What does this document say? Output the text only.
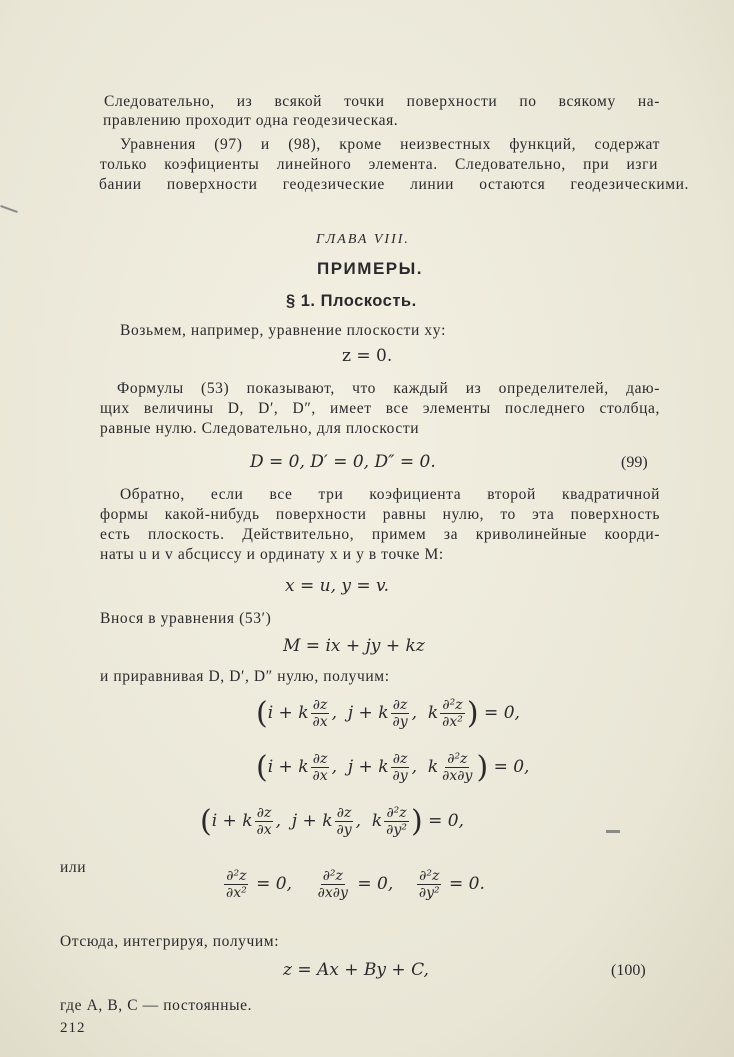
Следовательно, из всякой точки поверхности по всякому на-
правлению проходит одна геодезическая.
Уравнения (97) и (98), кроме неизвестных функций, содержат
только коэфициенты линейного элемента. Следовательно, при изги
бании поверхности геодезические линии остаются геодезическими.
ГЛАВА VIII.
ПРИМЕРЫ.
§ 1. Плоскость.
Возьмем, например, уравнение плоскости xy:
z = 0.
Формулы (53) показывают, что каждый из определителей, даю-
щих величины D, D′, D″, имеет все элементы последнего столбца,
равные нулю. Следовательно, для плоскости
D = 0, D′ = 0, D″ = 0.	(99)
Обратно, если все три коэфициента второй квадратичной
формы какой-нибудь поверхности равны нулю, то эта поверхность
есть плоскость. Действительно, примем за криволинейные коорди-
наты u и v абсциссу и ординату x и y в точке M:
x = u, y = v.
Внося в уравнения (53′)
M = ix + jy + kz
и приравнивая D, D′, D″ нулю, получим:
(i + k $\frac{\partial z}{\partial x}$ ,  j + k $\frac{\partial z}{\partial y}$ ,  k $\frac{\text{∂²z}}{\text{∂x²}}$ ) = 0,
(i + k $\frac{\partial z}{\partial x}$ ,  j + k $\frac{\partial z}{\partial y}$ ,  k $\frac{\text{∂²z}}{\partial x\partial y}$ ) = 0,
(i + k $\frac{\partial z}{\partial x}$ ,  j + k $\frac{\partial z}{\partial y}$ ,  k $\frac{\text{∂²z}}{\text{∂y²}}$ ) = 0,
или
$\frac{\text{∂²z}}{\text{∂x²}} = 0$, $\frac{\text{∂²z}}{\partial x\partial y} = 0$, $\frac{\text{∂²z}}{\text{∂y²}} = 0$.
Отсюда, интегрируя, получим:
z = Ax + By + C,	(100)
где A, B, C — постоянные.
212
